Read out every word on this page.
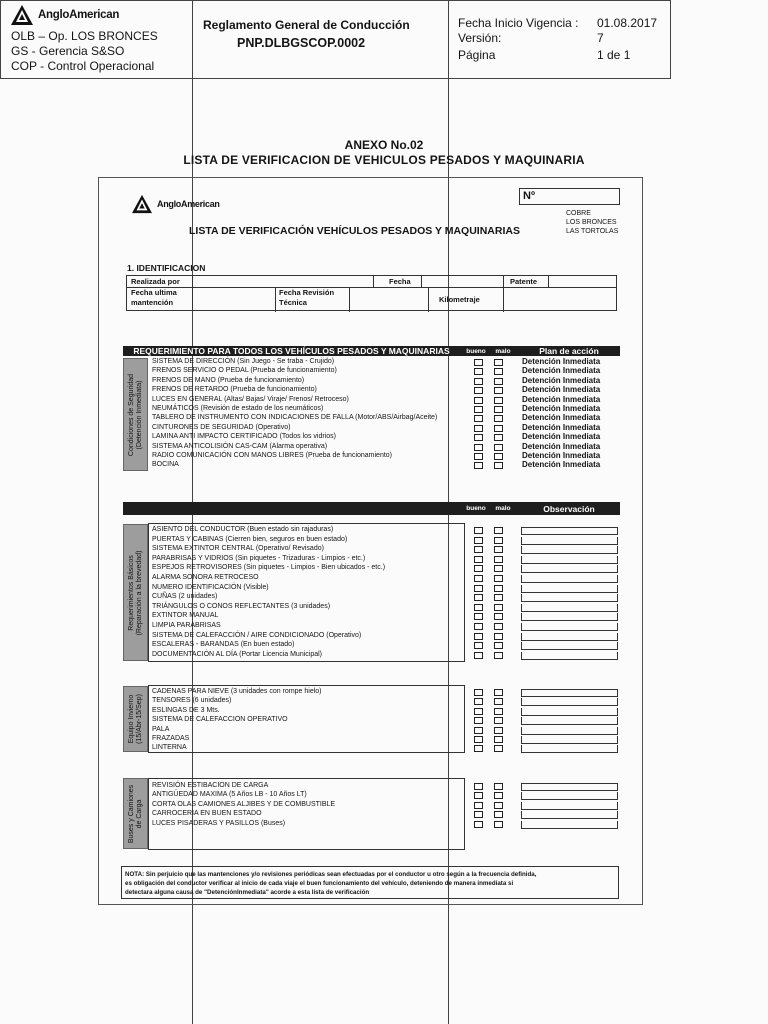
AngloAmerican
OLB – Op. LOS BRONCES
GS - Gerencia S&SO
COP - Control Operacional
Reglamento General de Conducción
PNP.DLBGSCOP.0002
Fecha Inicio Vigencia : 01.08.2017
Versión:	7
Página	1 de 1
ANEXO No.02
LISTA DE VERIFICACION DE VEHICULOS PESADOS Y MAQUINARIA
AngloAmerican
Nº
COBRE
LOS BRONCES
LAS TORTOLAS
LISTA DE VERIFICACIÓN VEHÍCULOS PESADOS Y MAQUINARIAS
1. IDENTIFICACION
Realizada por	Fecha	Patente
Fecha ultima
mantención
Fecha Revisión
Técnica	Kilometraje
REQUERIMIENTO PARA TODOS LOS VEHÍCULOS PESADOS Y MAQUINARIAS	bueno	malo	Plan de acción
Condiciones de Seguridad
(Detención Inmediata)
SISTEMA DE DIRECCIÓN (Sin Juego - Se traba - Crujido)	Detención Inmediata
FRENOS SERVICIO O PEDAL (Prueba de funcionamiento)	Detención Inmediata
FRENOS DE MANO (Prueba de funcionamiento)	Detención Inmediata
FRENOS DE RETARDO (Prueba de funcionamiento)	Detención Inmediata
LUCES EN GENERAL (Altas/ Bajas/ Viraje/ Frenos/ Retroceso)	Detención Inmediata
NEUMÁTICOS (Revisión de estado de los neumáticos)	Detención Inmediata
TABLERO DE INSTRUMENTO CON INDICACIONES DE FALLA (Motor/ABS/Airbag/Aceite)	Detención Inmediata
CINTURONES DE SEGURIDAD (Operativo)	Detención Inmediata
LAMINA ANTI IMPACTO CERTIFICADO (Todos los vidrios)	Detención Inmediata
SISTEMA ANTICOLISIÓN CAS-CAM (Alarma operativa)	Detención Inmediata
RADIO COMUNICACIÓN CON MANOS LIBRES (Prueba de funcionamiento)	Detención Inmediata
BOCINA	Detención Inmediata
bueno	malo	Observación
Requerimientos Básicos
(Reparación a la brevedad)
ASIENTO DEL CONDUCTOR (Buen estado sin rajaduras)
PUERTAS Y CABINAS (Cierren bien, seguros en buen estado)
SISTEMA EXTINTOR CENTRAL (Operativo/ Revisado)
PARABRISAS Y VIDRIOS (Sin piquetes - Trizaduras - Limpios - etc.)
ESPEJOS RETROVISORES (Sin piquetes - Limpios - Bien ubicados - etc.)
ALARMA SONORA RETROCESO
NUMERO IDENTIFICACIÓN (Visible)
CUÑAS (2 unidades)
TRIÁNGULOS O CONOS REFLECTANTES (3 unidades)
EXTINTOR MANUAL
LIMPIA PARABRISAS
SISTEMA DE CALEFACCIÓN / AIRE CONDICIONADO (Operativo)
ESCALERAS - BARANDAS (En buen estado)
DOCUMENTACIÓN AL DÍA (Portar Licencia Municipal)
Equipo Invierno
(15/Abr-15/Sep)
CADENAS PARA NIEVE (3 unidades con rompe hielo)
TENSORES (6 unidades)
ESLINGAS DE 3 Mts.
SISTEMA DE CALEFACCION OPERATIVO
PALA
FRAZADAS
LINTERNA
Buses y Camiones
de Carga
REVISIÓN ESTIBACION DE CARGA
ANTIGÜEDAD MAXIMA (5 Años LB - 10 Años LT)
CORTA OLAS CAMIONES ALJIBES Y DE COMBUSTIBLE
CARROCERIA EN BUEN ESTADO
LUCES PISADERAS Y PASILLOS (Buses)
NOTA: Sin perjuicio que las mantenciones y/o revisiones periódicas sean efectuadas por el conductor u otro según a la frecuencia definida,
es obligación del conductor verificar al inicio de cada viaje el buen funcionamiento del vehículo, deteniendo de manera inmediata si
detectara alguna causa de "DetenciónInmediata" acorde a esta lista de verificación
